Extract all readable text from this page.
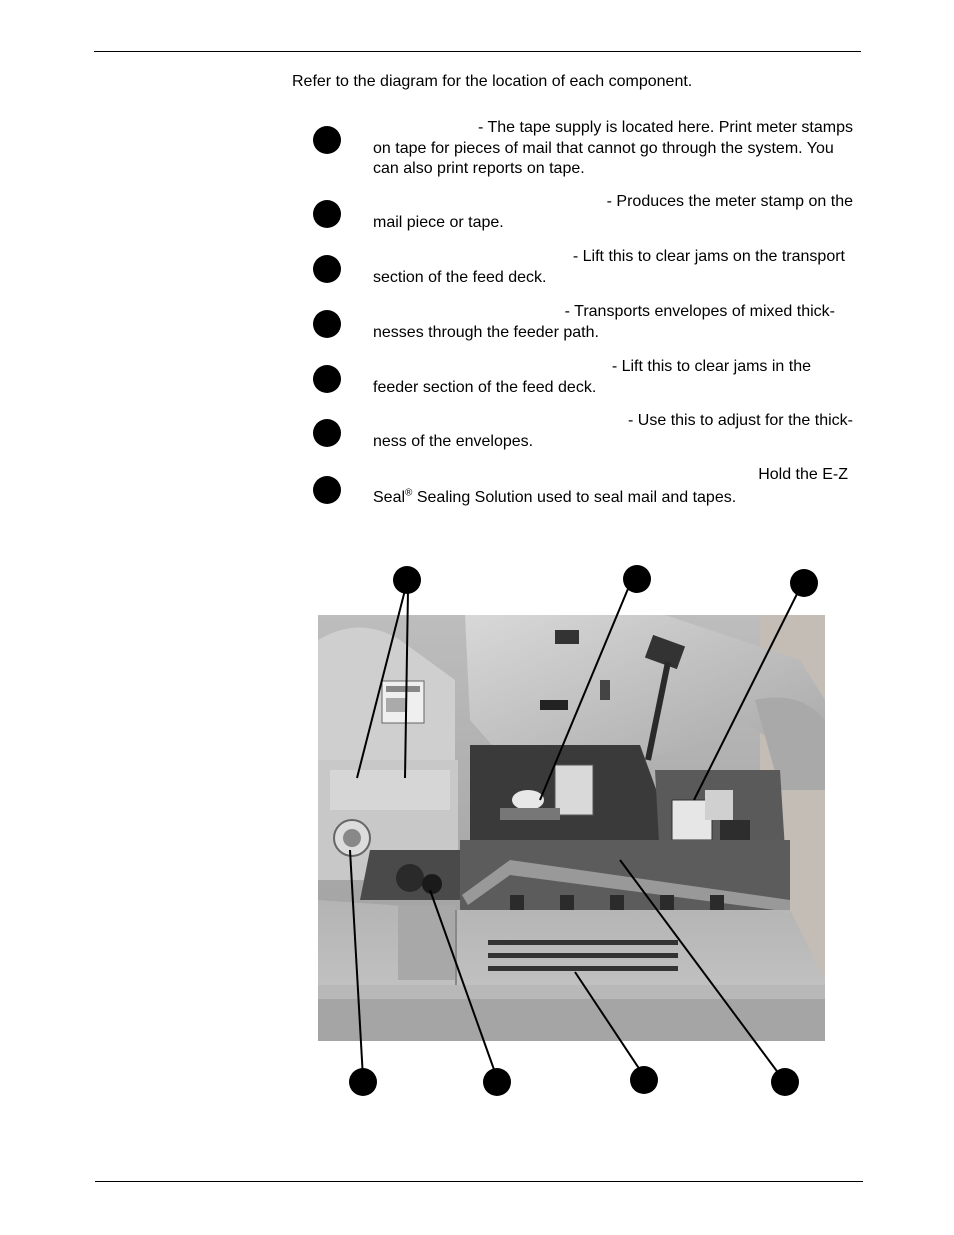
Refer to the diagram for the location of each component.
- The tape supply is located here. Print meter stamps
on tape for pieces of mail that cannot go through the system. You can also print reports on tape.
- Produces the meter stamp on the
mail piece or tape.
- Lift this to clear jams on the transport
section of the feed deck.
- Transports envelopes of mixed thick-
nesses through the feeder path.
- Lift this to clear jams in the
feeder section of the feed deck.
- Use this to adjust for the thick-
ness of the envelopes.
Hold the E-Z
Seal® Sealing Solution used to seal mail and tapes.
